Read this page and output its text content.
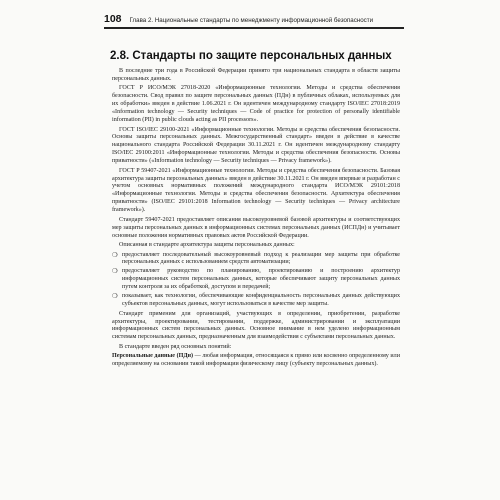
108 Глава 2. Национальные стандарты по менеджменту информационной безопасности
2.8. Стандарты по защите персональных данных

В последние три года в Российской Федерации принято три национальных стандарта в области защиты персональных данных.

ГОСТ Р ИСО/МЭК 27018-2020 «Информационные технологии. Методы и средства обеспечения безопасности. Свод правил по защите персональных данных (ПДн) в публичных облаках, используемых для их обработки» введен в действие 1.06.2021 г. Он идентичен международному стандарту ISO/IEC 27018:2019 «Information technology — Security techniques — Code of practice for protection of personally identifiable information (PII) in public clouds acting as PII processors».

ГОСТ ISO/IEC 29100-2021 «Информационные технологии. Методы и средства обеспечения безопасности. Основы защиты персональных данных. Межгосударственный стандарт» введен в действие в качестве национального стандарта Российской Федерации 30.11.2021 г. Он идентичен международному стандарту ISO/IEC 29100:2011 «Информационные технологии. Методы и средства обеспечения безопасности. Основы приватности» («Information technology — Security techniques — Privacy framework»).

ГОСТ Р 59407-2021 «Информационные технологии. Методы и средства обеспечения безопасности. Базовая архитектура защиты персональных данных» введен в действие 30.11.2021 г. Он введен впервые и разработан с учетом основных нормативных положений международного стандарта ИСО/МЭК 29101:2018 «Информационные технологии. Методы и средства обеспечения безопасности. Архитектура обеспечения приватности» (ISO/IEC 29101:2018 Information technology — Security techniques — Privacy architecture framework»).

Стандарт 59407-2021 предоставляет описания высокоуровневой базовой архитектуры и соответствующих мер защиты персональных данных в информационных системах персональных данных (ИСПДн) и учитывает основные положения нормативных правовых актов Российской Федерации.

Описанная в стандарте архитектура защиты персональных данных:

❍ предоставляет последовательный высокоуровневый подход к реализации мер защиты при обработке персональных данных с использованием средств автоматизации;
❍ предоставляет руководство по планированию, проектированию и построению архитектур информационных систем персональных данных, которые обеспечивают защиту персональных данных путем контроля за их обработкой, доступом и передачей;
❍ показывает, как технологии, обеспечивающие конфиденциальность персональных данных действующих субъектов персональных данных, могут использоваться в качестве мер защиты.

Стандарт применим для организаций, участвующих в определении, приобретении, разработке архитектуры, проектировании, тестировании, поддержке, администрировании и эксплуатации информационных систем персональных данных. Основное внимание в нем уделено информационным системам персональных данных, предназначенным для взаимодействия с субъектами персональных данных.

В стандарте введен ряд основных понятий:

Персональные данные (ПДн) — любая информация, относящаяся к прямо или косвенно определенному или определяемому на основании такой информации физическому лицу (субъекту персональных данных).
